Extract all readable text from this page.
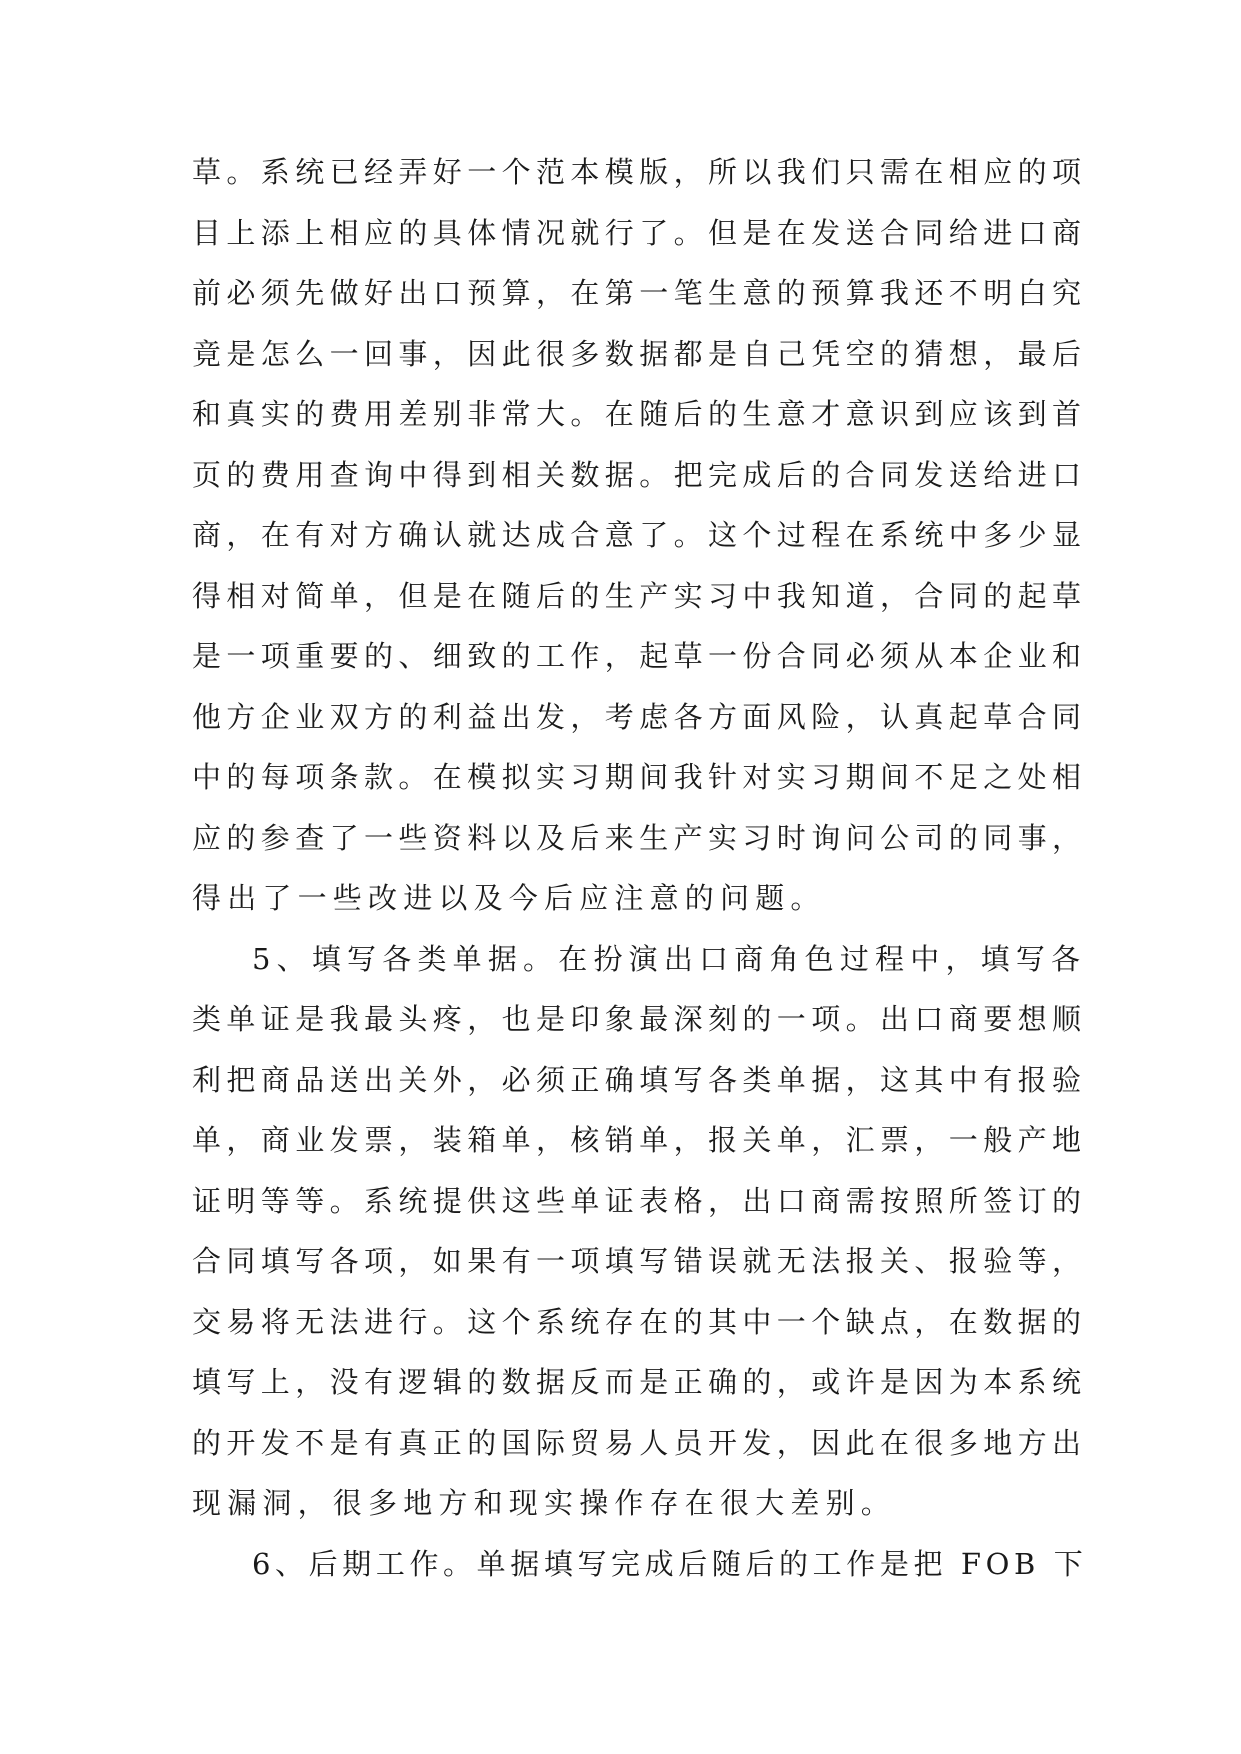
草。系统已经弄好一个范本模版，所以我们只需在相应的项
目上添上相应的具体情况就行了。但是在发送合同给进口商
前必须先做好出口预算，在第一笔生意的预算我还不明白究
竟是怎么一回事，因此很多数据都是自己凭空的猜想，最后
和真实的费用差别非常大。在随后的生意才意识到应该到首
页的费用查询中得到相关数据。把完成后的合同发送给进口
商，在有对方确认就达成合意了。这个过程在系统中多少显
得相对简单，但是在随后的生产实习中我知道，合同的起草
是一项重要的、细致的工作，起草一份合同必须从本企业和
他方企业双方的利益出发，考虑各方面风险，认真起草合同
中的每项条款。在模拟实习期间我针对实习期间不足之处相
应的参查了一些资料以及后来生产实习时询问公司的同事，
得出了一些改进以及今后应注意的问题。
5、填写各类单据。在扮演出口商角色过程中，填写各
类单证是我最头疼，也是印象最深刻的一项。出口商要想顺
利把商品送出关外，必须正确填写各类单据，这其中有报验
单，商业发票，装箱单，核销单，报关单，汇票，一般产地
证明等等。系统提供这些单证表格，出口商需按照所签订的
合同填写各项，如果有一项填写错误就无法报关、报验等，
交易将无法进行。这个系统存在的其中一个缺点，在数据的
填写上，没有逻辑的数据反而是正确的，或许是因为本系统
的开发不是有真正的国际贸易人员开发，因此在很多地方出
现漏洞，很多地方和现实操作存在很大差别。
6、后期工作。单据填写完成后随后的工作是把 FOB 下
